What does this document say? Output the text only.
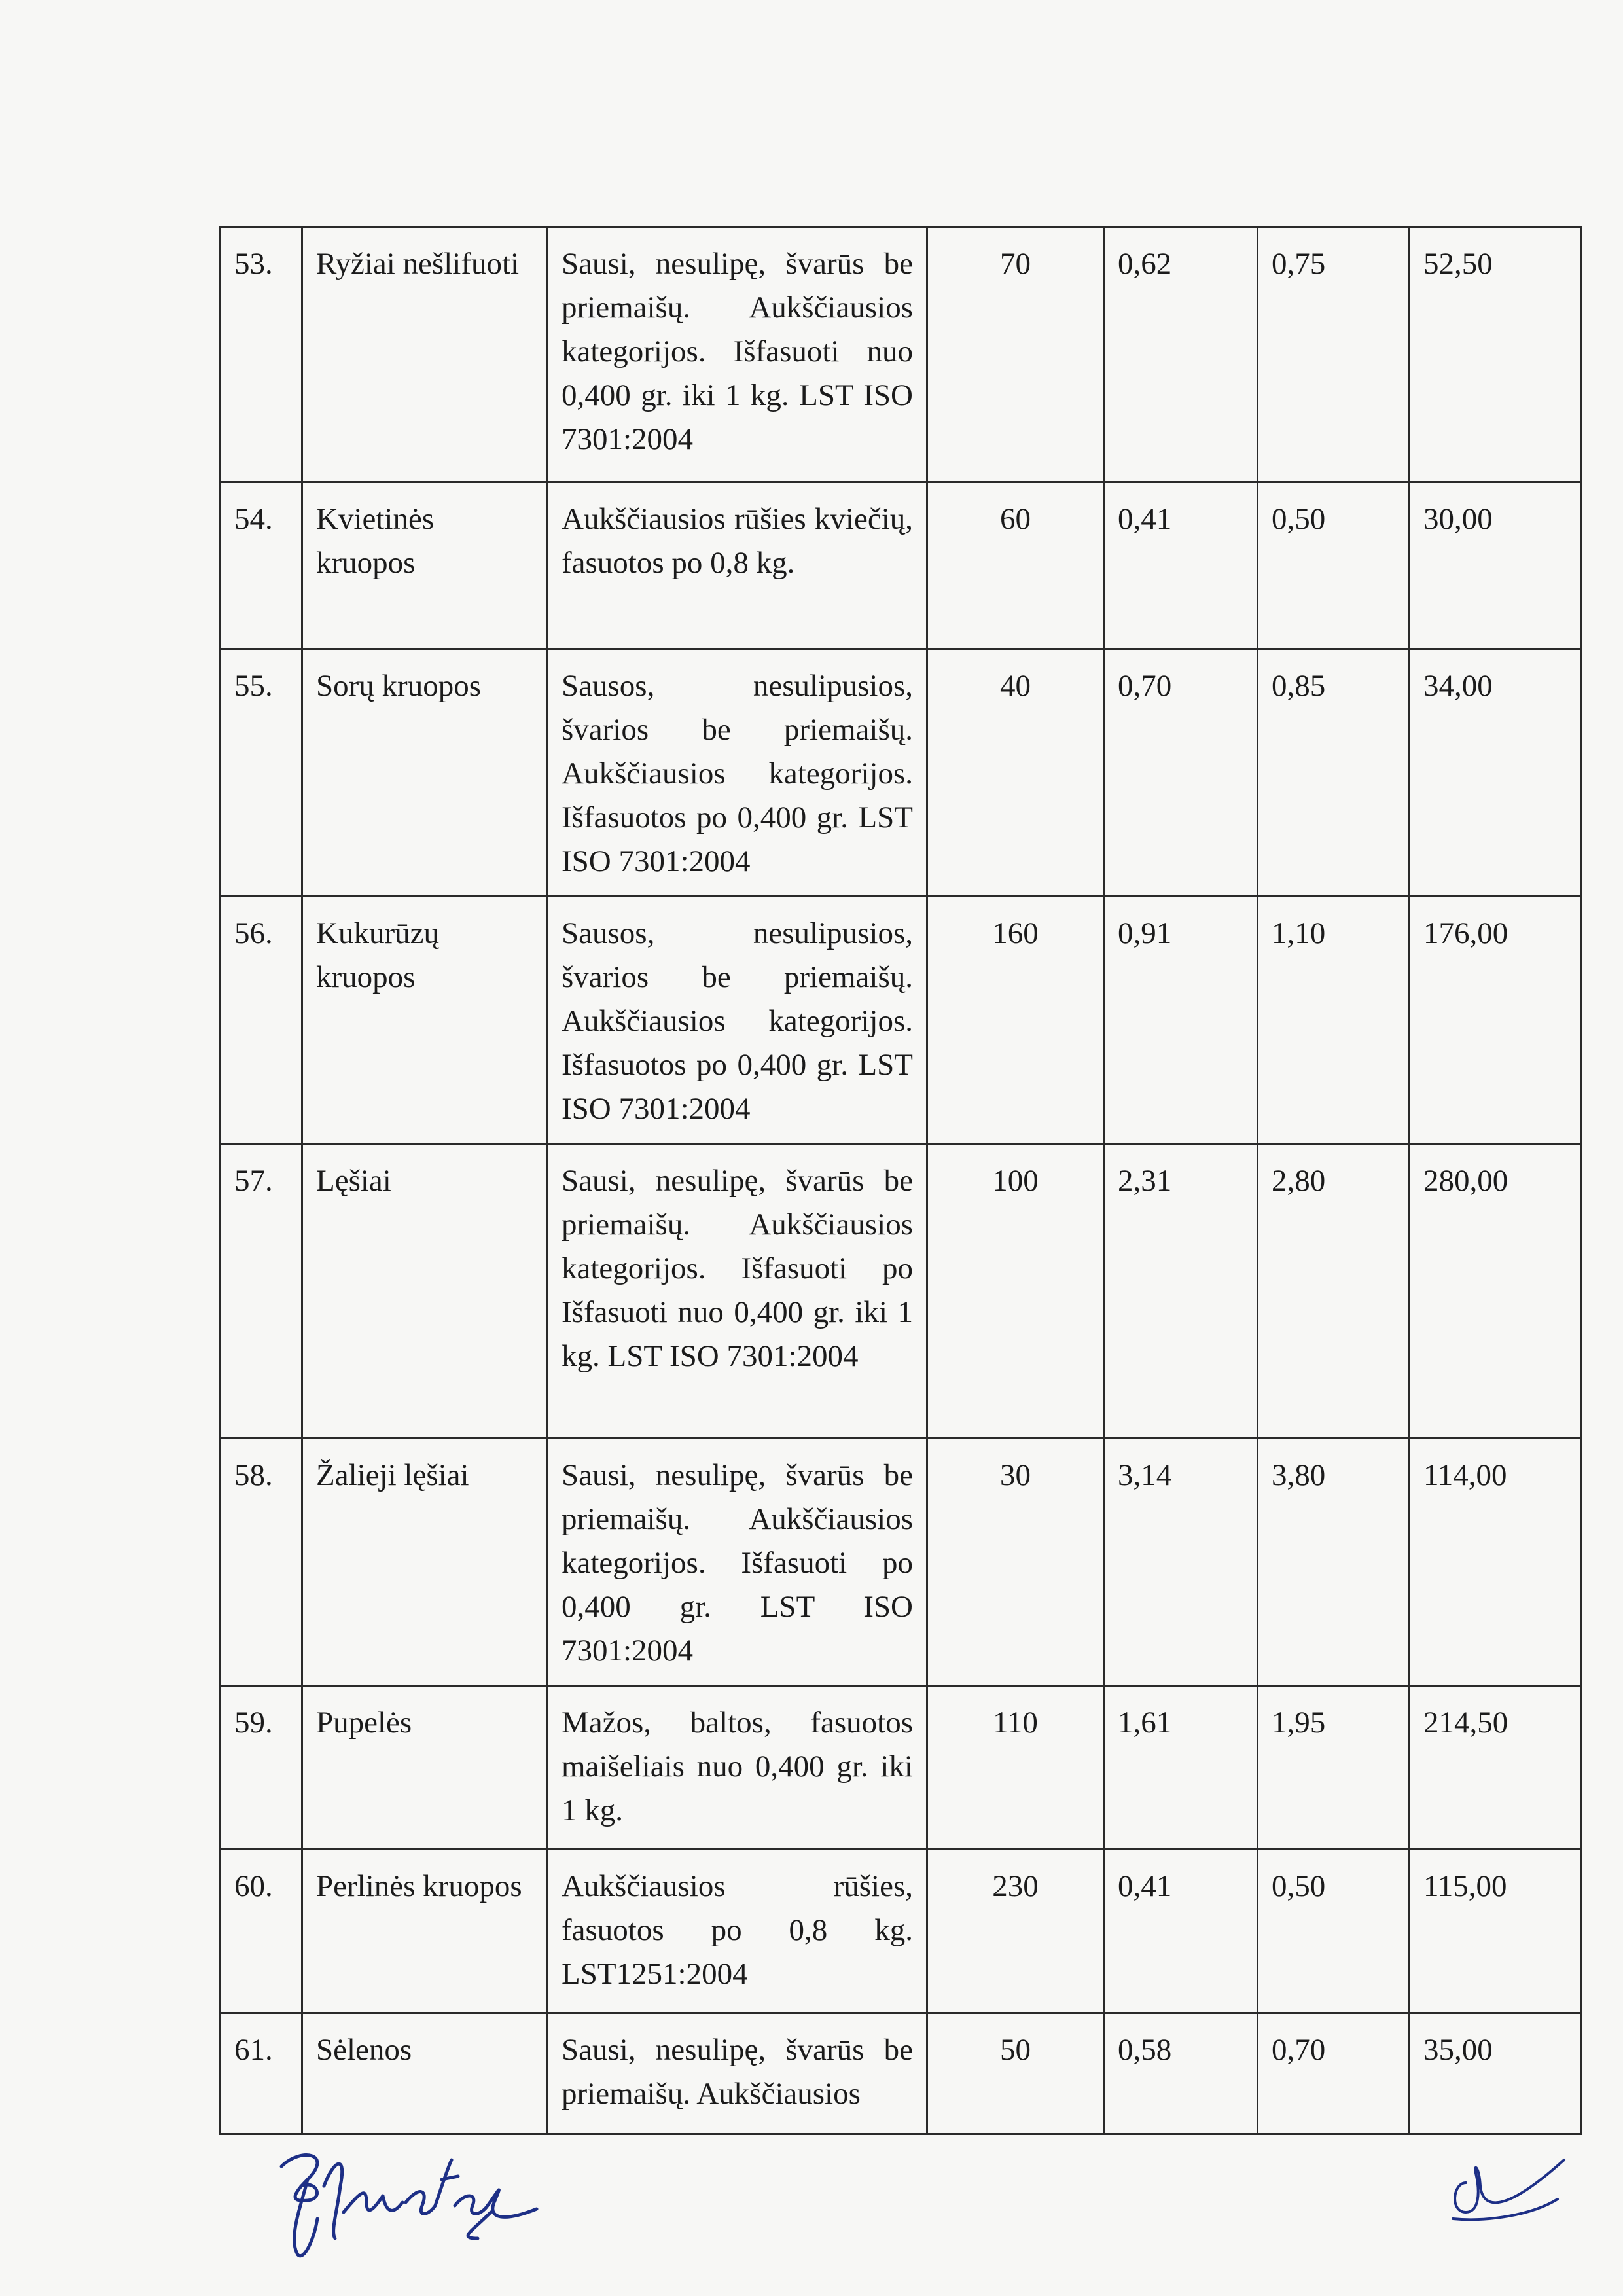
53.	Ryžiai nešlifuoti	Sausi, nesulipę, švarūs be priemaišų. Aukščiausios kategorijos. Išfasuoti nuo 0,400 gr. iki 1 kg. LST ISO 7301:2004	70	0,62	0,75	52,50
54.	Kvietinės kruopos	Aukščiausios rūšies kviečių, fasuotos po 0,8 kg.	60	0,41	0,50	30,00
55.	Sorų kruopos	Sausos, nesulipusios, švarios be priemaišų. Aukščiausios kategorijos. Išfasuotos po 0,400 gr. LST ISO 7301:2004	40	0,70	0,85	34,00
56.	Kukurūzų kruopos	Sausos, nesulipusios, švarios be priemaišų. Aukščiausios kategorijos. Išfasuotos po 0,400 gr. LST ISO 7301:2004	160	0,91	1,10	176,00
57.	Lęšiai	Sausi, nesulipę, švarūs be priemaišų. Aukščiausios kategorijos. Išfasuoti po Išfasuoti nuo 0,400 gr. iki 1 kg. LST ISO 7301:2004	100	2,31	2,80	280,00
58.	Žalieji lęšiai	Sausi, nesulipę, švarūs be priemaišų. Aukščiausios kategorijos. Išfasuoti po 0,400 gr. LST ISO 7301:2004	30	3,14	3,80	114,00
59.	Pupelės	Mažos, baltos, fasuotos maišeliais nuo 0,400 gr. iki 1 kg.	110	1,61	1,95	214,50
60.	Perlinės kruopos	Aukščiausios rūšies, fasuotos po 0,8 kg. LST1251:2004	230	0,41	0,50	115,00
61.	Sėlenos	Sausi, nesulipę, švarūs be priemaišų. Aukščiausios	50	0,58	0,70	35,00
